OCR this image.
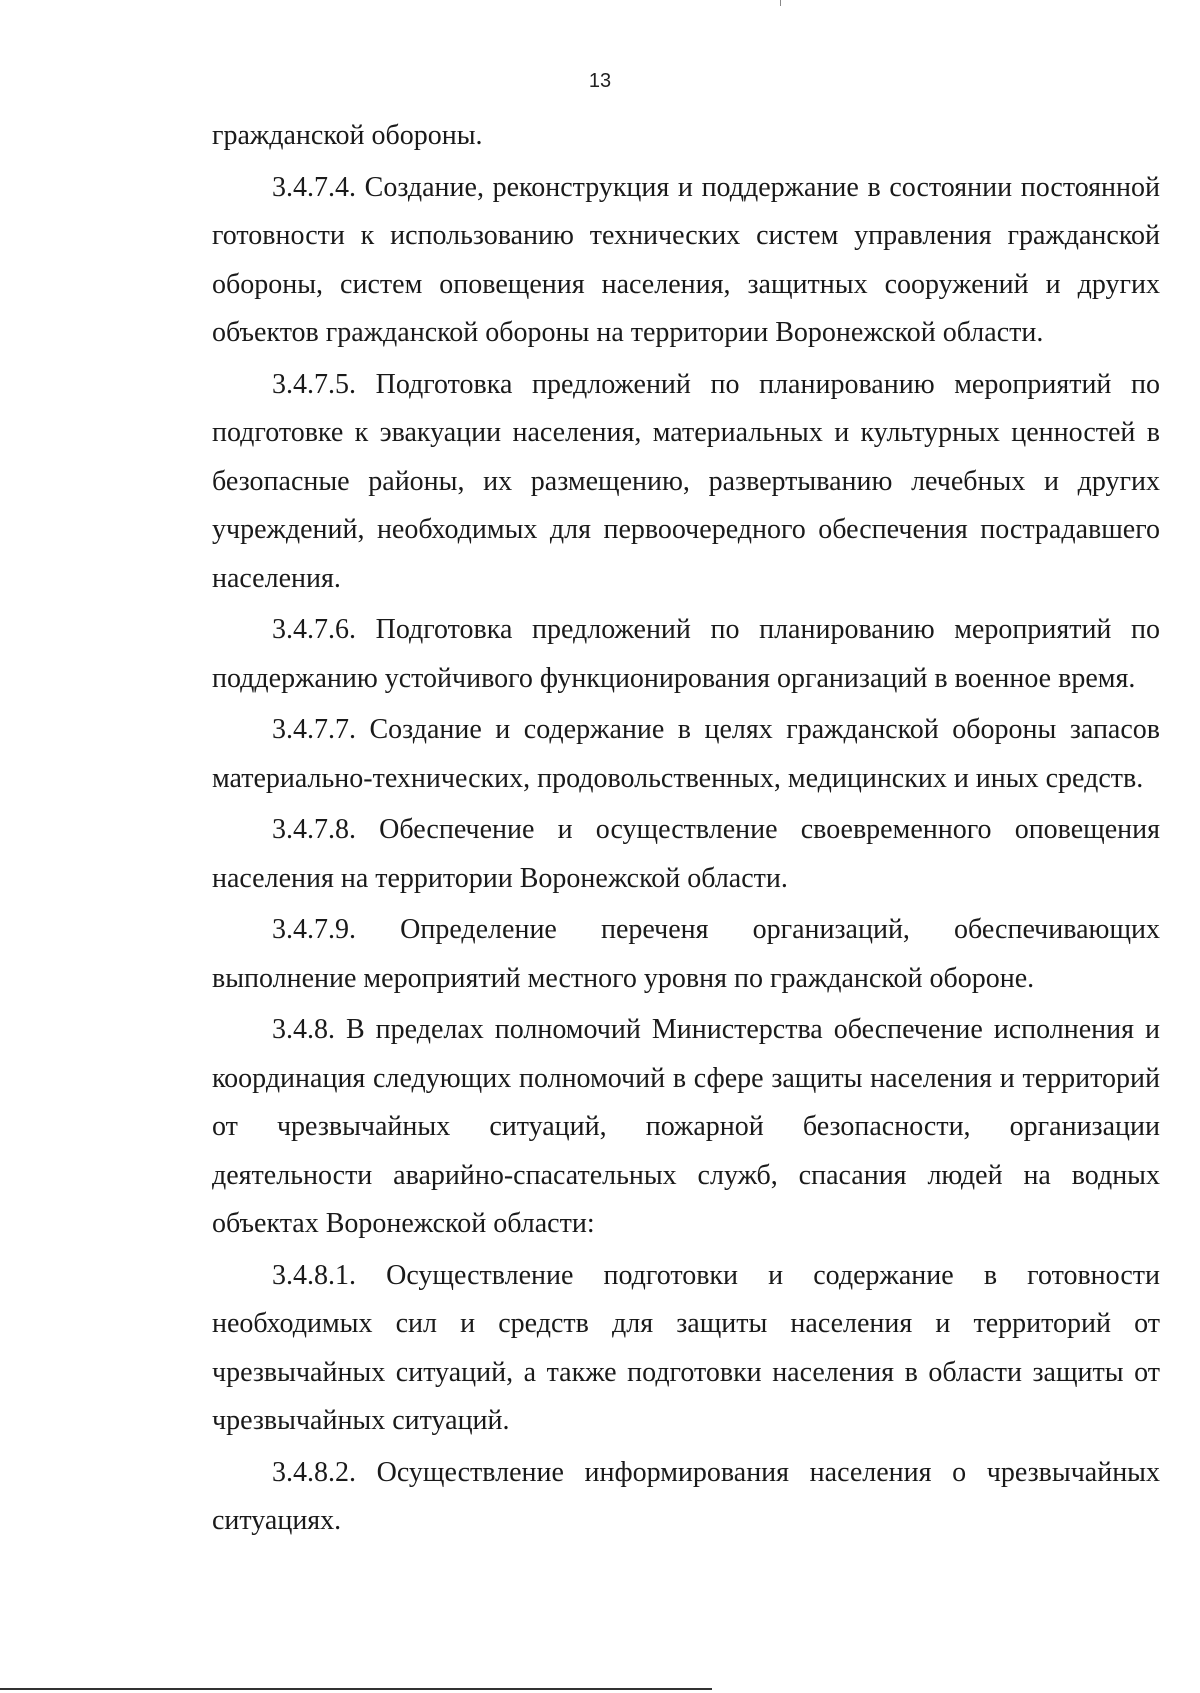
13

гражданской обороны.

3.4.7.4. Создание, реконструкция и поддержание в состоянии постоянной готовности к использованию технических систем управления гражданской обороны, систем оповещения населения, защитных сооружений и других объектов гражданской обороны на территории Воронежской области.

3.4.7.5. Подготовка предложений по планированию мероприятий по подготовке к эвакуации населения, материальных и культурных ценностей в безопасные районы, их размещению, развертыванию лечебных и других учреждений, необходимых для первоочередного обеспечения пострадавшего населения.

3.4.7.6. Подготовка предложений по планированию мероприятий по поддержанию устойчивого функционирования организаций в военное время.

3.4.7.7. Создание и содержание в целях гражданской обороны запасов материально-технических, продовольственных, медицинских и иных средств.

3.4.7.8. Обеспечение и осуществление своевременного оповещения населения на территории Воронежской области.

3.4.7.9. Определение переченя организаций, обеспечивающих выполнение мероприятий местного уровня по гражданской обороне.

3.4.8. В пределах полномочий Министерства обеспечение исполнения и координация следующих полномочий в сфере защиты населения и территорий от чрезвычайных ситуаций, пожарной безопасности, организации деятельности аварийно-спасательных служб, спасания людей на водных объектах Воронежской области:

3.4.8.1. Осуществление подготовки и содержание в готовности необходимых сил и средств для защиты населения и территорий от чрезвычайных ситуаций, а также подготовки населения в области защиты от чрезвычайных ситуаций.

3.4.8.2. Осуществление информирования населения о чрезвычайных ситуациях.
